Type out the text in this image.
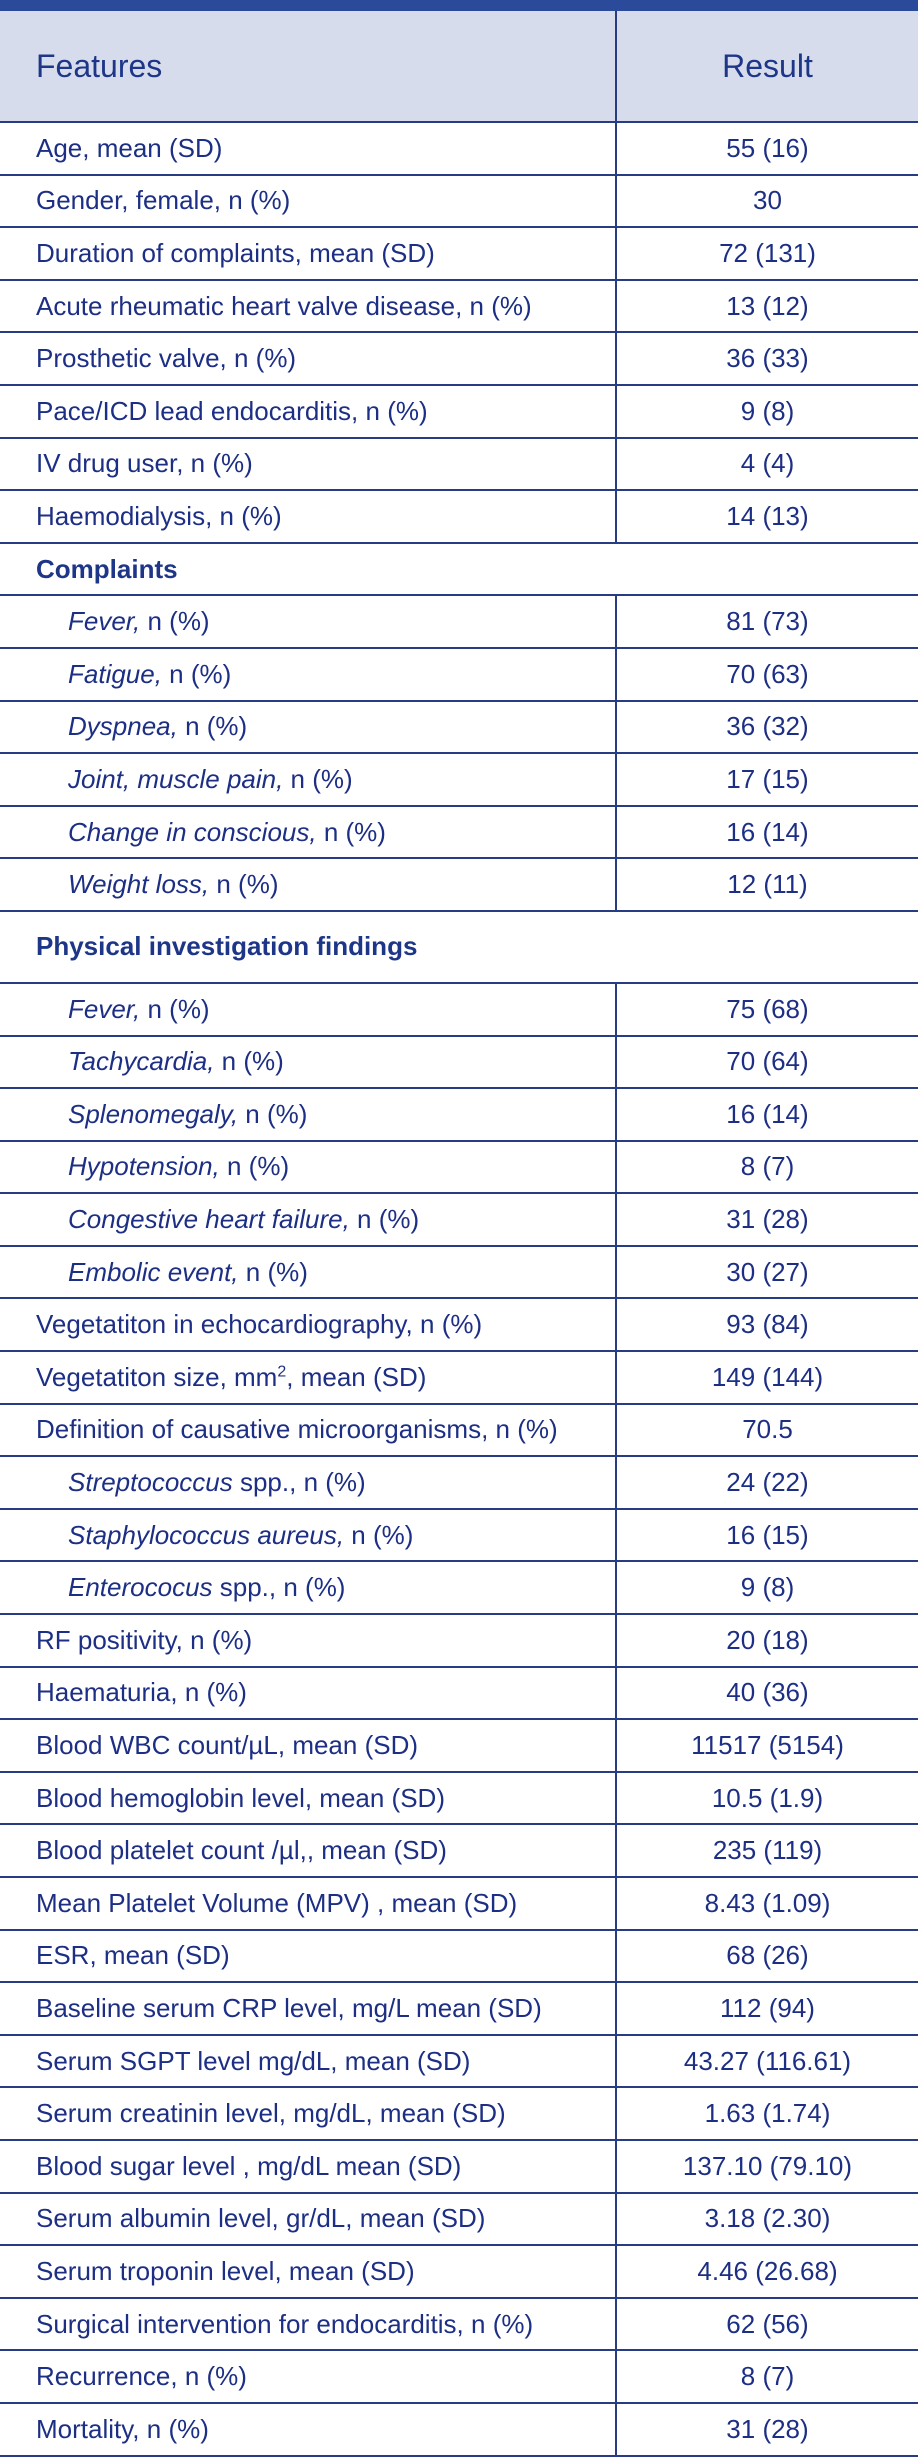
Features	Result
Age, mean (SD)	55 (16)
Gender, female, n (%)	30
Duration of complaints, mean (SD)	72 (131)
Acute rheumatic heart valve disease, n (%)	13 (12)
Prosthetic valve, n (%)	36 (33)
Pace/ICD lead endocarditis, n (%)	9 (8)
IV drug user, n (%)	4 (4)
Haemodialysis, n (%)	14 (13)
Complaints	
Fever, n (%)	81 (73)
Fatigue, n (%)	70 (63)
Dyspnea, n (%)	36 (32)
Joint, muscle pain, n (%)	17 (15)
Change in conscious, n (%)	16 (14)
Weight loss, n (%)	12 (11)
Physical investigation findings	
Fever, n (%)	75 (68)
Tachycardia, n (%)	70 (64)
Splenomegaly, n (%)	16 (14)
Hypotension, n (%)	8 (7)
Congestive heart failure, n (%)	31 (28)
Embolic event, n (%)	30 (27)
Vegetatiton in echocardiography, n (%)	93 (84)
Vegetatiton size, $mm^2$, mean (SD)	149 (144)
Definition of causative microorganisms, n (%)	70.5
Streptococcus spp., n (%)	24 (22)
Staphylococcus aureus, n (%)	16 (15)
Enterococus spp., n (%)	9 (8)
RF positivity, n (%)	20 (18)
Haematuria, n (%)	40 (36)
Blood WBC count/µL, mean (SD)	11517 (5154)
Blood hemoglobin level, mean (SD)	10.5 (1.9)
Blood platelet count /µl,, mean (SD)	235 (119)
Mean Platelet Volume (MPV) , mean (SD)	8.43 (1.09)
ESR, mean (SD)	68 (26)
Baseline serum CRP level, mg/L mean (SD)	112 (94)
Serum SGPT level mg/dL, mean (SD)	43.27 (116.61)
Serum creatinin level, mg/dL, mean (SD)	1.63 (1.74)
Blood sugar level , mg/dL mean (SD)	137.10 (79.10)
Serum albumin level, gr/dL, mean (SD)	3.18 (2.30)
Serum troponin level, mean (SD)	4.46 (26.68)
Surgical intervention for endocarditis, n (%)	62 (56)
Recurrence, n (%)	8 (7)
Mortality, n (%)	31 (28)
